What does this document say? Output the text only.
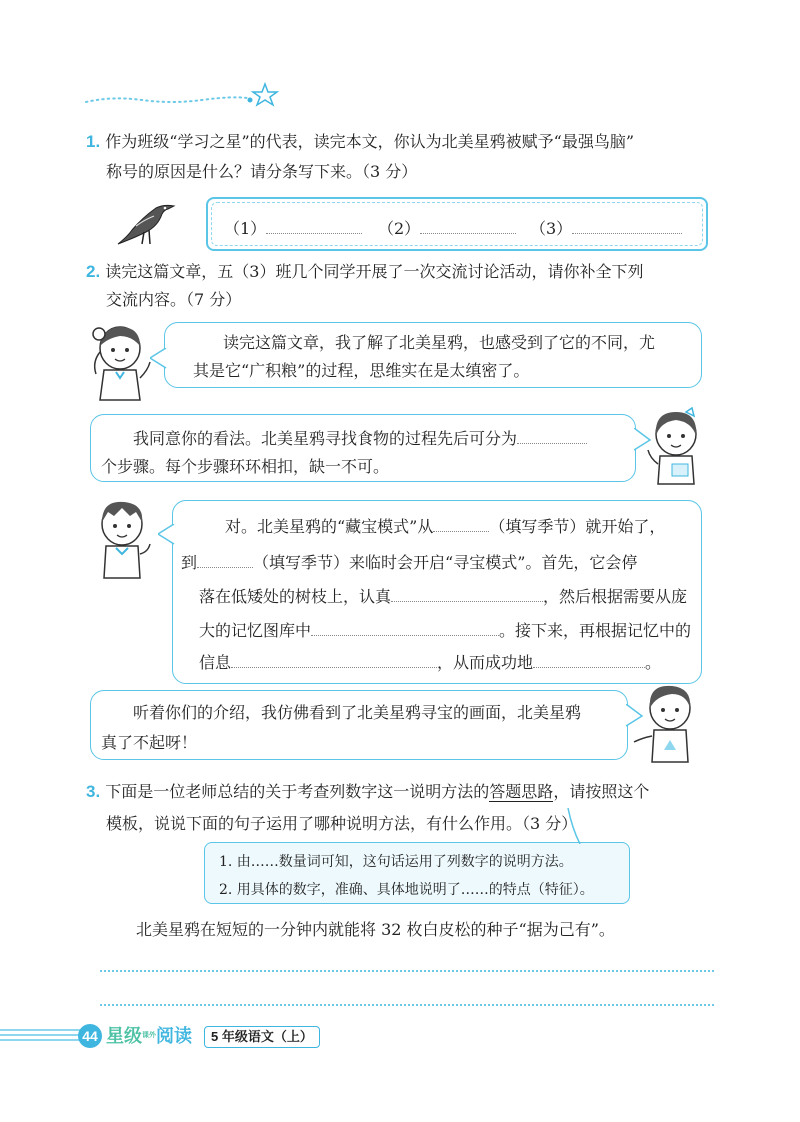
1. 作为班级“学习之星”的代表，读完本文，你认为北美星鸦被赋予“最强鸟脑”
称号的原因是什么？请分条写下来。（3 分）
（1）	（2）	（3）
2. 读完这篇文章，五（3）班几个同学开展了一次交流讨论活动，请你补全下列
交流内容。（7 分）
读完这篇文章，我了解了北美星鸦，也感受到了它的不同，尤
其是它“广积粮”的过程，思维实在是太缜密了。
我同意你的看法。北美星鸦寻找食物的过程先后可分为
个步骤。每个步骤环环相扣，缺一不可。
对。北美星鸦的“藏宝模式”从	（填写季节）就开始了，
到	（填写季节）来临时会开启“寻宝模式”。首先，它会停
落在低矮处的树枝上，认真	，然后根据需要从庞
大的记忆图库中	。接下来，再根据记忆中的
信息	，从而成功地	。
听着你们的介绍，我仿佛看到了北美星鸦寻宝的画面，北美星鸦
真了不起呀！
3. 下面是一位老师总结的关于考查列数字这一说明方法的答题思路，请按照这个
模板，说说下面的句子运用了哪种说明方法，有什么作用。（3 分）
1. 由……数量词可知，这句话运用了列数字的说明方法。
2. 用具体的数字，准确、具体地说明了……的特点（特征）。
北美星鸦在短短的一分钟内就能将 32 枚白皮松的种子“据为己有”。
44 星级$^{课外}$阅读	5 年级语文（上）
